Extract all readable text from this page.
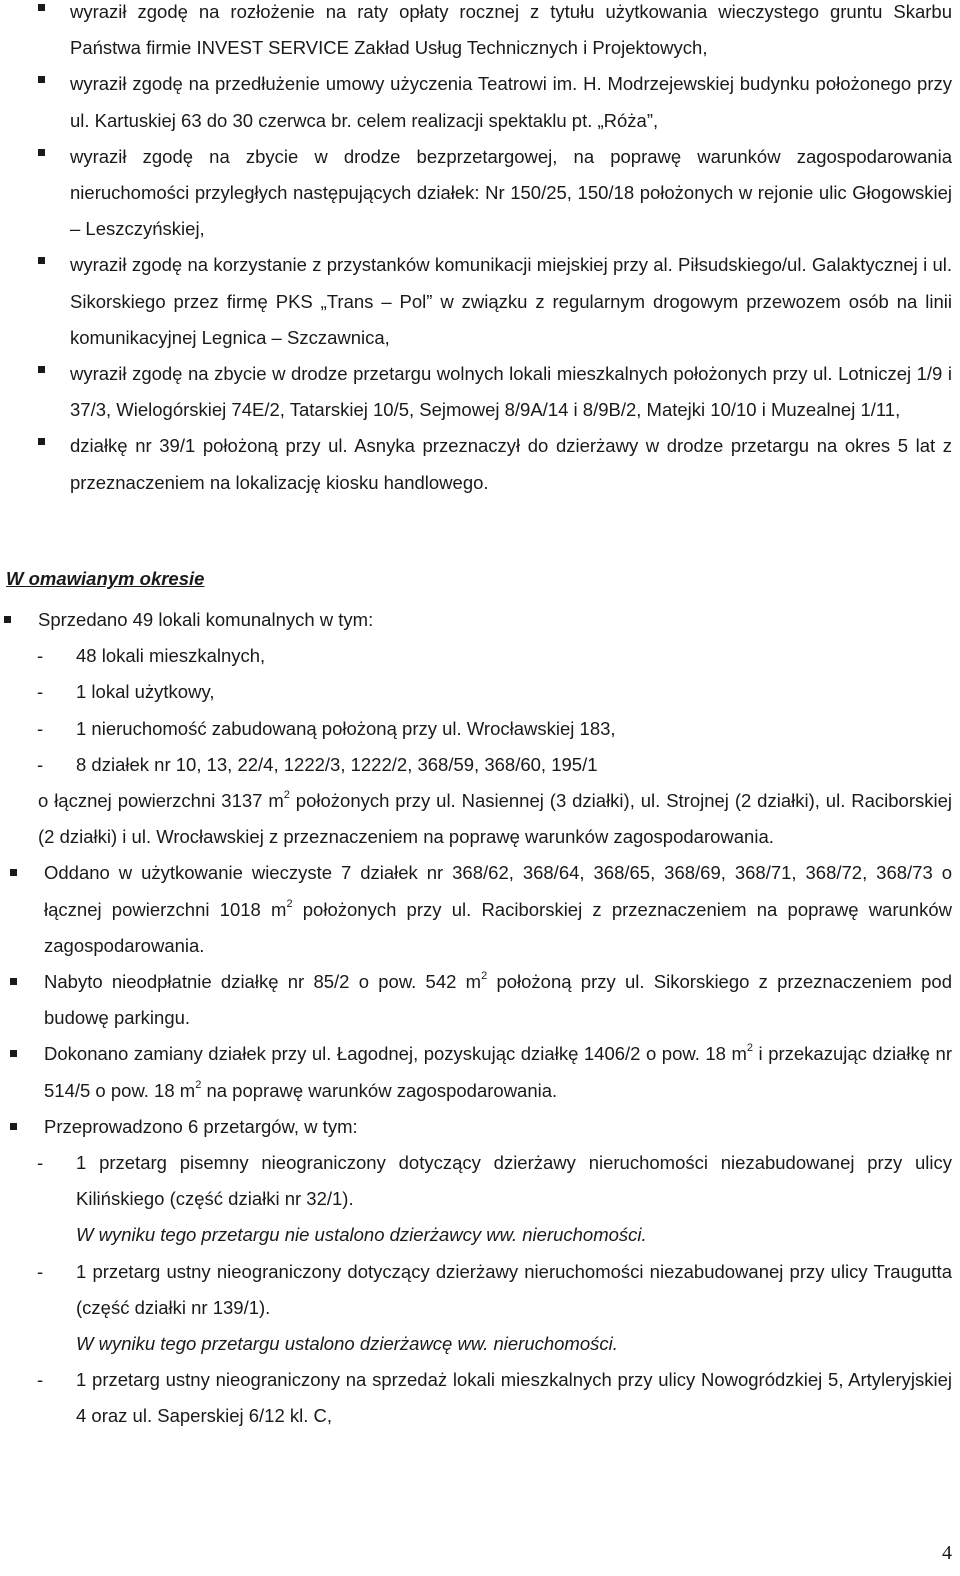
wyraził zgodę na rozłożenie na raty opłaty rocznej z tytułu użytkowania wieczystego gruntu Skarbu Państwa firmie INVEST SERVICE Zakład Usług Technicznych i Projektowych,

wyraził zgodę na przedłużenie umowy użyczenia Teatrowi im. H. Modrzejewskiej budynku położonego przy ul. Kartuskiej 63 do 30 czerwca br. celem realizacji spektaklu pt. „Róża”,

wyraził zgodę na zbycie w drodze bezprzetargowej, na poprawę warunków zagospodarowania nieruchomości przyległych następujących działek: Nr 150/25, 150/18 położonych w rejonie ulic Głogowskiej – Leszczyńskiej,

wyraził zgodę na korzystanie z przystanków komunikacji miejskiej przy al. Piłsudskiego/ul. Galaktycznej i ul. Sikorskiego przez firmę PKS „Trans – Pol” w związku z regularnym drogowym przewozem osób na linii komunikacyjnej Legnica – Szczawnica,

wyraził zgodę na zbycie w drodze przetargu wolnych lokali mieszkalnych położonych przy ul. Lotniczej 1/9 i 37/3, Wielogórskiej 74E/2, Tatarskiej 10/5, Sejmowej 8/9A/14 i 8/9B/2, Matejki 10/10 i Muzealnej 1/11,

działkę nr 39/1 położoną przy ul. Asnyka przeznaczył do dzierżawy w drodze przetargu na okres 5 lat z przeznaczeniem na lokalizację kiosku handlowego.

W omawianym okresie

Sprzedano 49 lokali komunalnych w tym:

- 48 lokali mieszkalnych,

- 1 lokal użytkowy,

- 1 nieruchomość zabudowaną położoną przy ul. Wrocławskiej 183,

- 8 działek nr 10, 13, 22/4, 1222/3, 1222/2, 368/59, 368/60, 195/1

o łącznej powierzchni 3137 $m^2$ położonych przy ul. Nasiennej (3 działki), ul. Strojnej (2 działki), ul. Raciborskiej (2 działki) i ul. Wrocławskiej z przeznaczeniem na poprawę warunków zagospodarowania.

Oddano w użytkowanie wieczyste 7 działek nr 368/62, 368/64, 368/65, 368/69, 368/71, 368/72, 368/73 o łącznej powierzchni 1018 $m^2$ położonych przy ul. Raciborskiej z przeznaczeniem na poprawę warunków zagospodarowania.

Nabyto nieodpłatnie działkę nr 85/2 o pow. 542 $m^2$ położoną przy ul. Sikorskiego z przeznaczeniem pod budowę parkingu.

Dokonano zamiany działek przy ul. Łagodnej, pozyskując działkę 1406/2 o pow. 18 $m^2$ i przekazując działkę nr 514/5 o pow. 18 $m^2$ na poprawę warunków zagospodarowania.

Przeprowadzono 6 przetargów, w tym:

- 1 przetarg pisemny nieograniczony dotyczący dzierżawy nieruchomości niezabudowanej przy ulicy Kilińskiego (część działki nr 32/1).

W wyniku tego przetargu nie ustalono dzierżawcy ww. nieruchomości.

- 1 przetarg ustny nieograniczony dotyczący dzierżawy nieruchomości niezabudowanej przy ulicy Traugutta (część działki nr 139/1).

W wyniku tego przetargu ustalono dzierżawcę ww. nieruchomości.

- 1 przetarg ustny nieograniczony na sprzedaż lokali mieszkalnych przy ulicy Nowogródzkiej 5, Artyleryjskiej 4 oraz ul. Saperskiej 6/12 kl. C,

4
